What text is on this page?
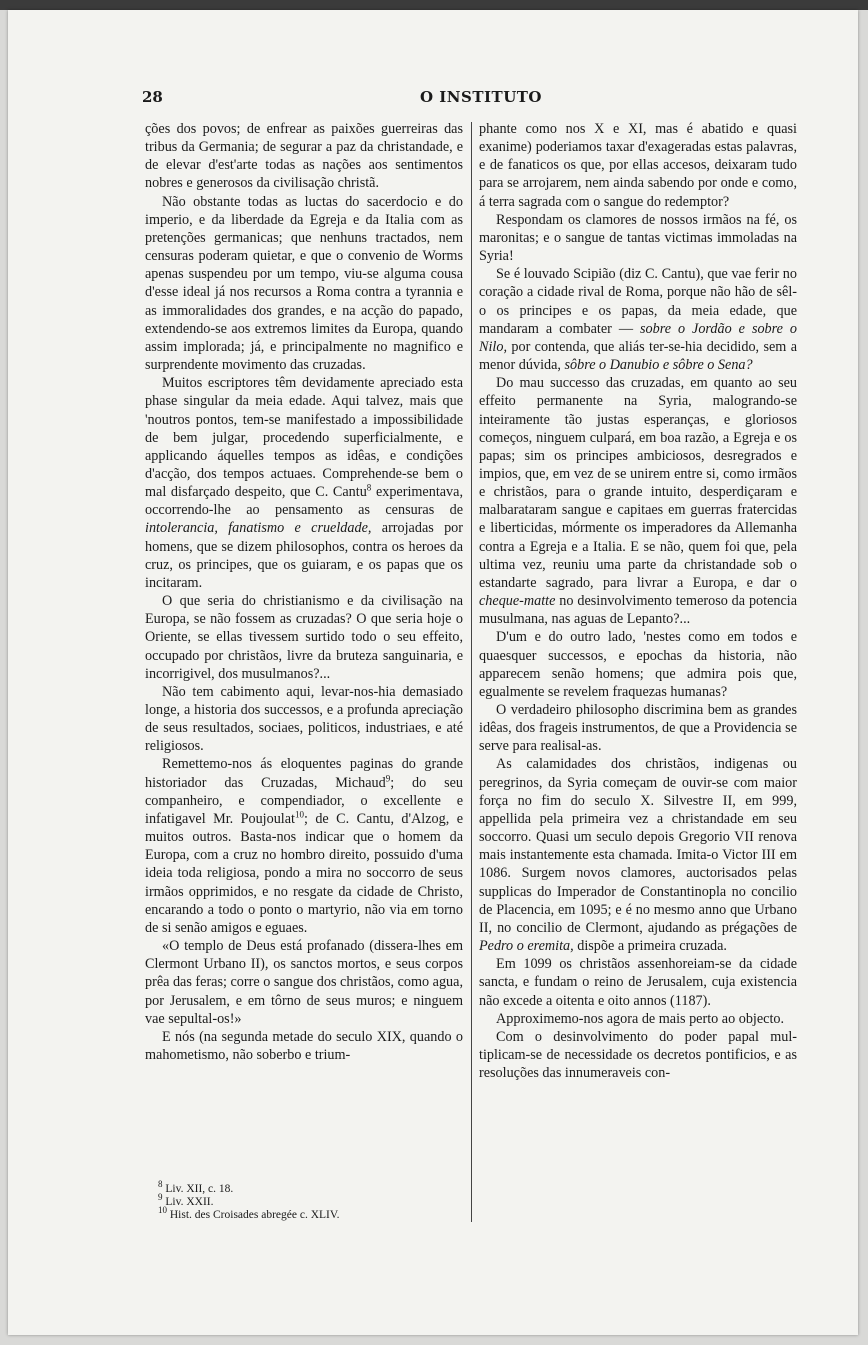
28	O INSTITUTO

ções dos povos; de enfrear as paixões guerreiras das tribus da Germania; de segurar a paz da christandade, e de elevar d'est'arte todas as nações aos sentimentos nobres e generosos da civilisação christã.

Não obstante todas as luctas do sacerdocio e do imperio, e da liberdade da Egreja e da Italia com as pretenções germanicas; que nenhuns tractados, nem censuras poderam quietar, e que o convenio de Worms apenas suspendeu por um tempo, viu-se alguma cousa d'esse ideal já nos recursos a Roma contra a tyrannia e as immoralidades dos grandes, e na acção do papado, extendendo-se aos extremos limites da Europa, quando assim implorada; já, e principalmente no magnifico e surprendente movimento das cruzadas.

Muitos escriptores têm devidamente apreciado esta phase singular da meia edade. Aqui talvez, mais que 'noutros pontos, tem-se manifestado a impossibilidade de bem julgar, procedendo superficialmente, e applicando áquelles tempos as idêas, e condições d'acção, dos tempos actuaes. Comprehende-se bem o mal disfarçado despeito, que C. Cantu$^8$ experimentava, occorrendo-lhe ao pensamento as censuras de intolerancia, fanatismo e crueldade, arrojadas por homens, que se dizem philosophos, contra os heroes da cruz, os principes, que os guiaram, e os papas que os incitaram.

O que seria do christianismo e da civilisação na Europa, se não fossem as cruzadas? O que seria hoje o Oriente, se ellas tivessem surtido todo o seu effeito, occupado por christãos, livre da bruteza sanguinaria, e incorrigivel, dos musulmanos?...

Não tem cabimento aqui, levar-nos-hia demasiado longe, a historia dos successos, e a profunda apreciação de seus resultados, sociaes, politicos, industriaes, e até religiosos.

Remettemo-nos ás eloquentes paginas do grande historiador das Cruzadas, Michaud$^9$; do seu companheiro, e compendiador, o excellente e infatigavel Mr. Poujoulat$^{10}$; de C. Cantu, d'Alzog, e muitos outros. Basta-nos indicar que o homem da Europa, com a cruz no hombro direito, possuido d'uma ideia toda religiosa, pondo a mira no soccorro de seus irmãos opprimidos, e no resgate da cidade de Christo, encarando a todo o ponto o martyrio, não via em torno de si senão amigos e eguaes.

«O templo de Deus está profanado (dissera-lhes em Clermont Urbano II), os sanctos mortos, e seus corpos prêa das feras; corre o sangue dos christãos, como agua, por Jerusalem, e em tôrno de seus muros; e ninguem vae sepultal-os!»

E nós (na segunda metade do seculo XIX, quando o mahometismo, não soberbo e trium-

phante como nos X e XI, mas é abatido e quasi exanime) poderiamos taxar d'exageradas estas palavras, e de fanaticos os que, por ellas accesos, deixaram tudo para se arrojarem, nem ainda sabendo por onde e como, á terra sagrada com o sangue do redemptor?

Respondam os clamores de nossos irmãos na fé, os maronitas; e o sangue de tantas victimas immoladas na Syria!

Se é louvado Scipião (diz C. Cantu), que vae ferir no coração a cidade rival de Roma, porque não hão de sêl-o os principes e os papas, da meia edade, que mandaram a combater — sobre o Jordão e sobre o Nilo, por contenda, que aliás ter-se-hia decidido, sem a menor dúvida, sôbre o Danubio e sôbre o Sena?

Do mau successo das cruzadas, em quanto ao seu effeito permanente na Syria, malogrando-se inteiramente tão justas esperanças, e gloriosos começos, ninguem culpará, em boa razão, a Egreja e os papas; sim os principes ambiciosos, desregrados e impios, que, em vez de se unirem entre si, como irmãos e christãos, para o grande intuito, desperdiçaram e malbarataram sangue e capitaes em guerras fratercidas e liberticidas, mórmente os imperadores da Allemanha contra a Egreja e a Italia. E se não, quem foi que, pela ultima vez, reuniu uma parte da christandade sob o estandarte sagrado, para livrar a Europa, e dar o cheque-matte no desinvolvimento temeroso da potencia musulmana, nas aguas de Lepanto?...

D'um e do outro lado, 'nestes como em todos e quaesquer successos, e epochas da historia, não apparecem senão homens; que admira pois que, egualmente se revelem fraquezas humanas?

O verdadeiro philosopho discrimina bem as grandes idêas, dos frageis instrumentos, de que a Providencia se serve para realisal-as.

As calamidades dos christãos, indigenas ou peregrinos, da Syria começam de ouvir-se com maior força no fim do seculo X. Silvestre II, em 999, appellida pela primeira vez a christandade em seu soccorro. Quasi um seculo depois Gregorio VII renova mais instantemente esta chamada. Imita-o Victor III em 1086. Surgem novos clamores, auctorisados pelas supplicas do Imperador de Constantinopla no concilio de Placencia, em 1095; e é no mesmo anno que Urbano II, no concilio de Clermont, ajudando as prégações de Pedro o eremita, dispõe a primeira cruzada.

Em 1099 os christãos assenhoreiam-se da cidade sancta, e fundam o reino de Jerusalem, cuja existencia não excede a oitenta e oito annos (1187).

Approximemo-nos agora de mais perto ao objecto.

Com o desinvolvimento do poder papal multiplicam-se de necessidade os decretos pontificios, e as resoluções das innumeraveis con-

$^8$ Liv. XII, c. 18.
$^9$ Liv. XXII.
$^{10}$ Hist. des Croisades abregée c. XLIV.
